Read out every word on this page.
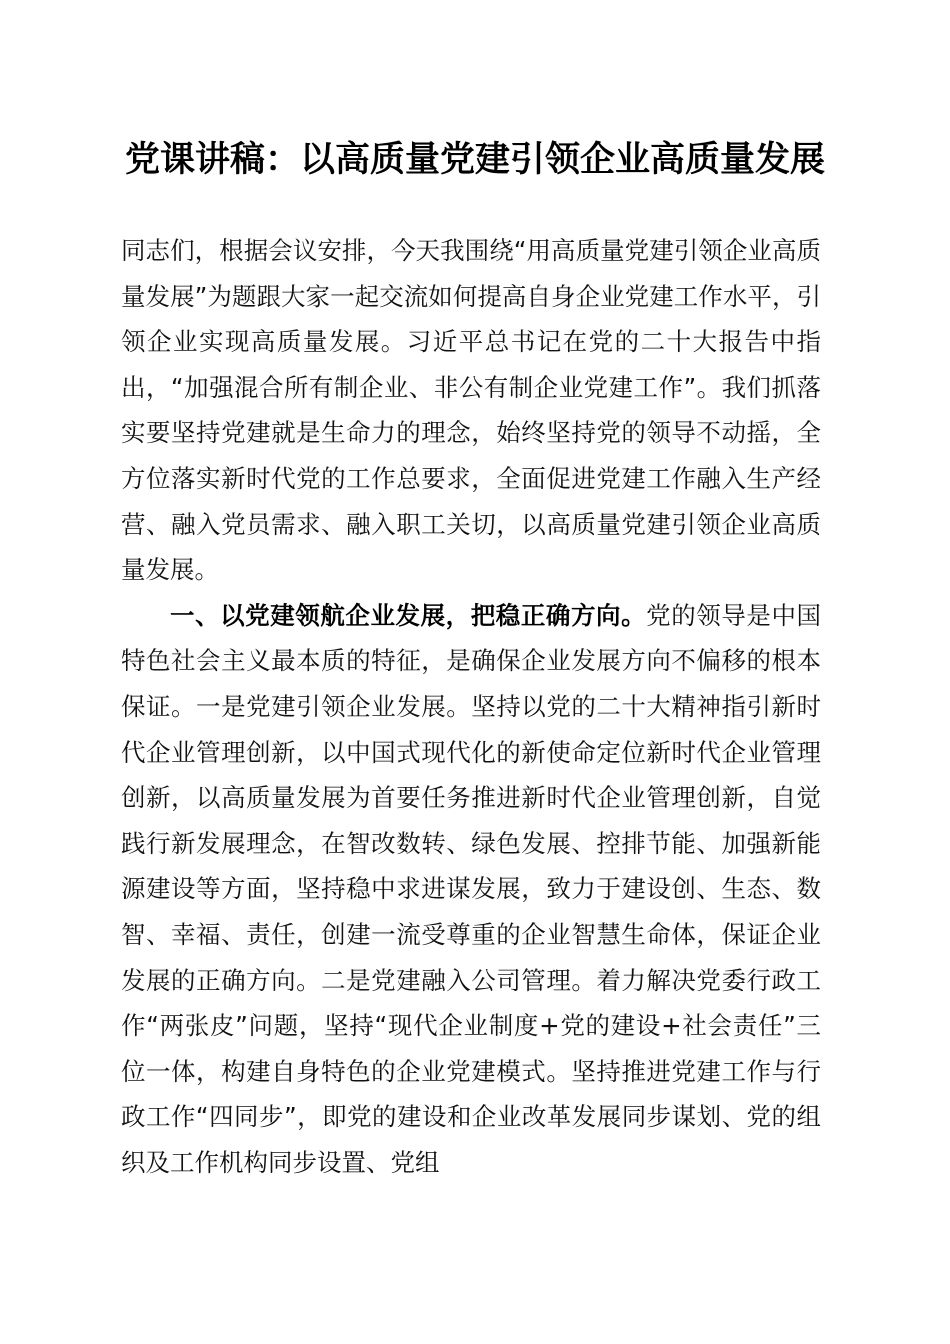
党课讲稿：以高质量党建引领企业高质量发展

同志们，根据会议安排，今天我围绕“用高质量党建引领企业高质量发展”为题跟大家一起交流如何提高自身企业党建工作水平，引领企业实现高质量发展。习近平总书记在党的二十大报告中指出，“加强混合所有制企业、非公有制企业党建工作”。我们抓落实要坚持党建就是生命力的理念，始终坚持党的领导不动摇，全方位落实新时代党的工作总要求，全面促进党建工作融入生产经营、融入党员需求、融入职工关切，以高质量党建引领企业高质量发展。

一、以党建领航企业发展，把稳正确方向。党的领导是中国特色社会主义最本质的特征，是确保企业发展方向不偏移的根本保证。一是党建引领企业发展。坚持以党的二十大精神指引新时代企业管理创新，以中国式现代化的新使命定位新时代企业管理创新，以高质量发展为首要任务推进新时代企业管理创新，自觉践行新发展理念，在智改数转、绿色发展、控排节能、加强新能源建设等方面，坚持稳中求进谋发展，致力于建设创、生态、数智、幸福、责任，创建一流受尊重的企业智慧生命体，保证企业发展的正确方向。二是党建融入公司管理。着力解决党委行政工作“两张皮”问题，坚持“现代企业制度+党的建设+社会责任”三位一体，构建自身特色的企业党建模式。坚持推进党建工作与行政工作“四同步”，即党的建设和企业改革发展同步谋划、党的组织及工作机构同步设置、党组
